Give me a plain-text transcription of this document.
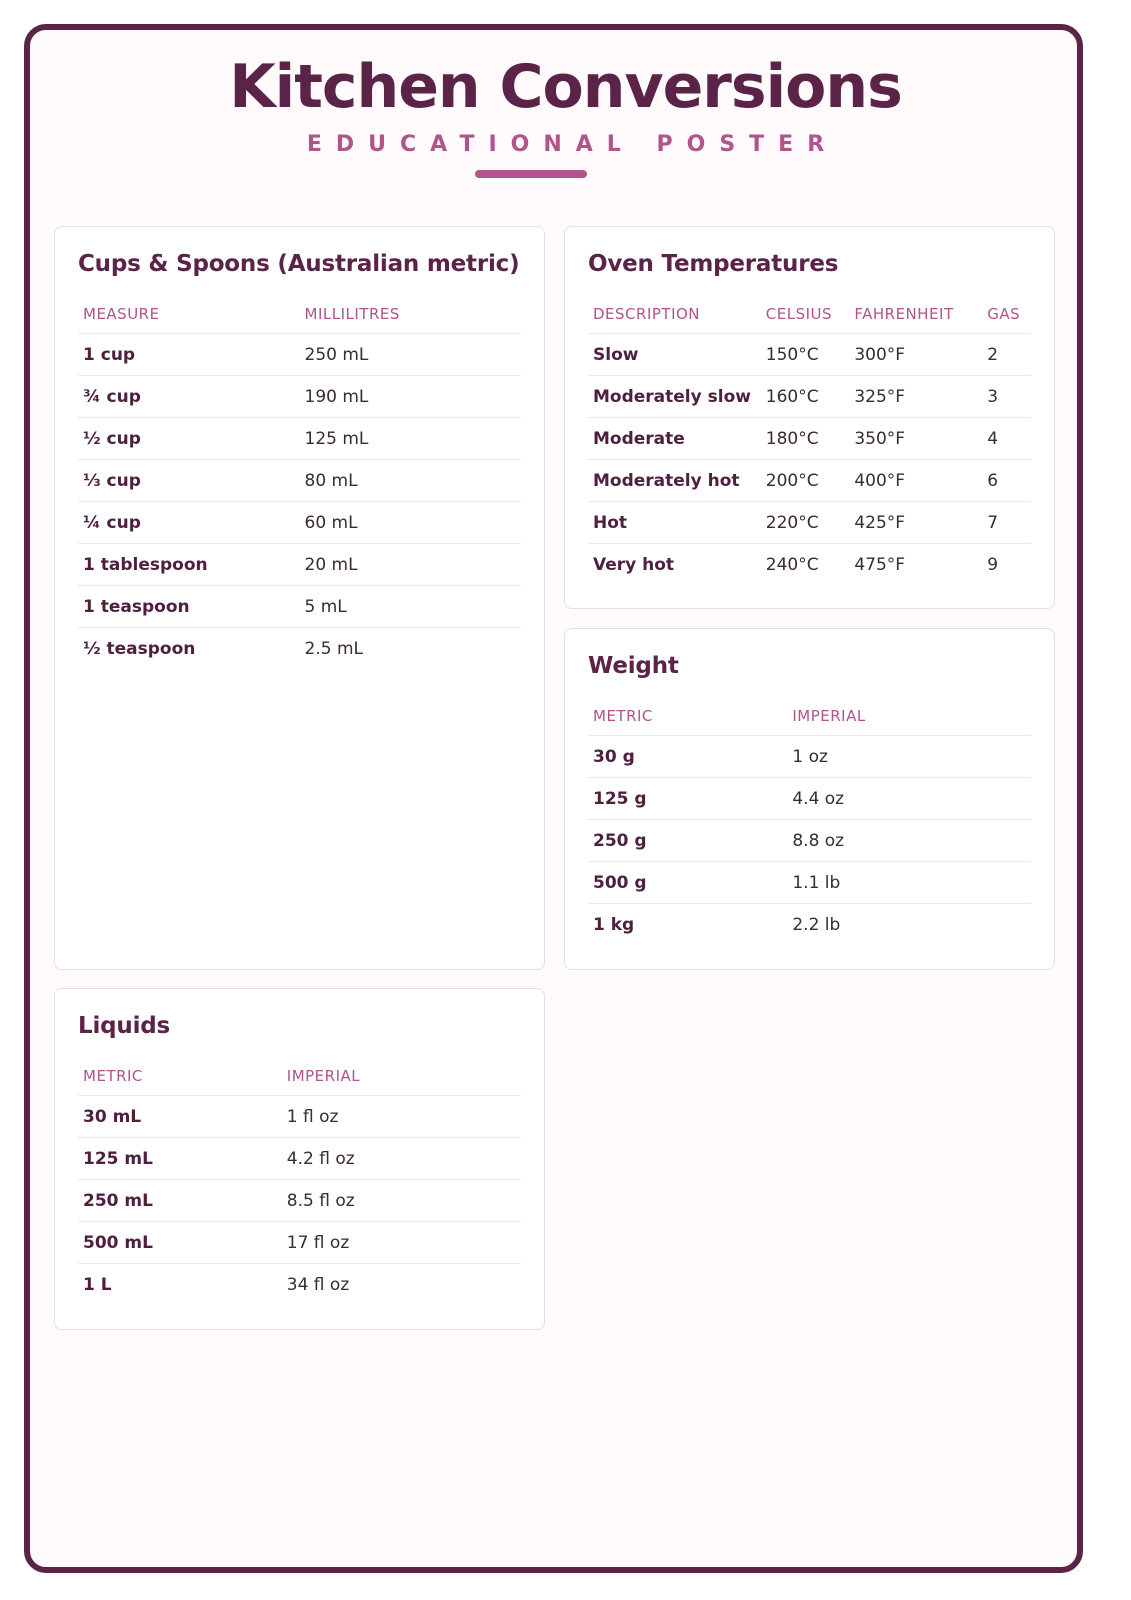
Kitchen Conversions
EDUCATIONAL POSTER
Cups & Spoons (Australian metric)
MEASURE	MILLILITRES
1 cup	250 mL
¾ cup	190 mL
½ cup	125 mL
⅓ cup	80 mL
¼ cup	60 mL
1 tablespoon	20 mL
1 teaspoon	5 mL
½ teaspoon	2.5 mL
Oven Temperatures
DESCRIPTION	CELSIUS	FAHRENHEIT	GAS
Slow	150°C	300°F	2
Moderately slow	160°C	325°F	3
Moderate	180°C	350°F	4
Moderately hot	200°C	400°F	6
Hot	220°C	425°F	7
Very hot	240°C	475°F	9
Weight
METRIC	IMPERIAL
30 g	1 oz
125 g	4.4 oz
250 g	8.8 oz
500 g	1.1 lb
1 kg	2.2 lb
Liquids
METRIC	IMPERIAL
30 mL	1 fl oz
125 mL	4.2 fl oz
250 mL	8.5 fl oz
500 mL	17 fl oz
1 L	34 fl oz
